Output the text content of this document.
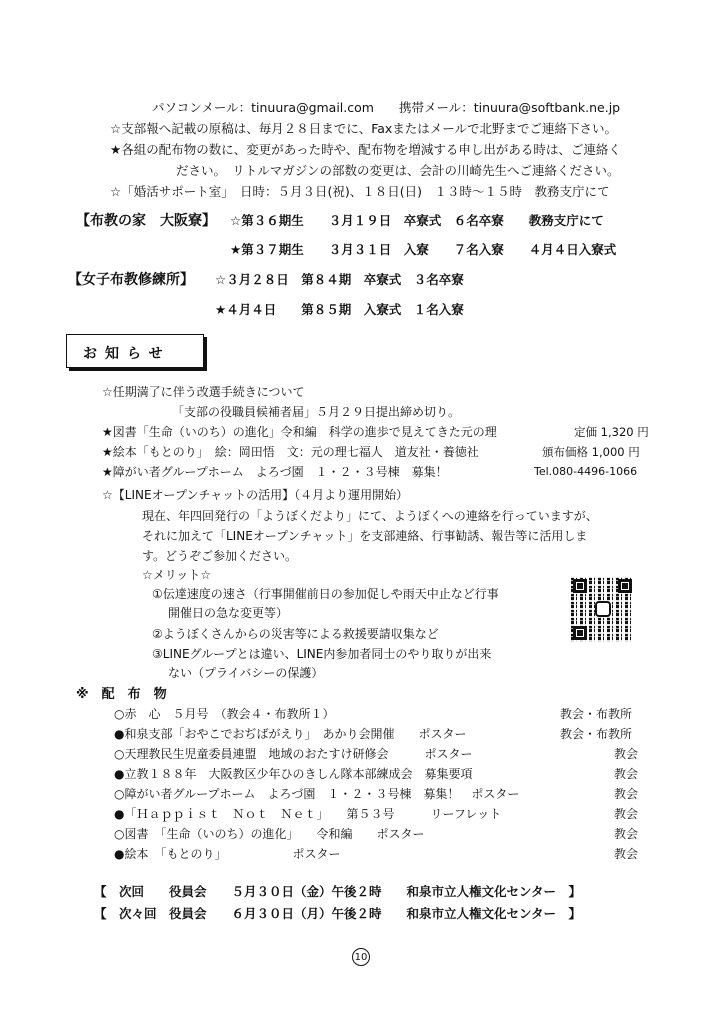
パソコンメール：tinuura@gmail.com　　携帯メール：tinuura@softbank.ne.jp
☆支部報へ記載の原稿は、毎月２８日までに、Faxまたはメールで北野までご連絡下さい。
★各組の配布物の数に、変更があった時や、配布物を増減する申し出がある時は、ご連絡く
ださい。　リトルマガジンの部数の変更は、会計の川崎先生へご連絡ください。
☆「婚活サポート室」　日時：５月３日(祝)、１８日(日)　１３時～１５時　教務支庁にて
【布教の家　大阪寮】 ☆第３６期生　　３月１９日　卒寮式　６名卒寮　　教務支庁にて
★第３７期生　　３月３１日　入寮　　７名入寮　　４月４日入寮式
【女子布教修練所】 ☆３月２８日　第８４期　卒寮式　３名卒寮
★４月４日　　第８５期　入寮式　１名入寮
お知らせ
☆任期満了に伴う改選手続きについて
「支部の役職員候補者届」５月２９日提出締め切り。
★図書「生命（いのち）の進化」令和編　科学の進歩で見えてきた元の理	定価 1,320 円
★絵本「もとのり」　絵：岡田悟　文：元の理七福人　道友社・養徳社	頒布価格 1,000 円
★障がい者グループホーム　よろづ園　１・２・３号棟　募集！	Tel.080-4496-1066
☆【LINEオープンチャットの活用】（４月より運用開始）
現在、年四回発行の「ようぼくだより」にて、ようぼくへの連絡を行っていますが、
それに加えて「LINEオープンチャット」を支部連絡、行事勧誘、報告等に活用しま
す。どうぞご参加ください。
☆メリット☆
①伝達速度の速さ（行事開催前日の参加促しや雨天中止など行事
開催日の急な変更等）
②ようぼくさんからの災害等による救援要請収集など
③LINEグループとは違い、LINE内参加者同士のやり取りが出来
ない（プライバシーの保護）
※　配　布　物
○赤　心　５月号　（教会４・布教所１）	教会・布教所
●和泉支部「おやこでおぢばがえり」　あかり会開催　　ポスター	教会・布教所
○天理教民生児童委員連盟　地域のおたすけ研修会　　　ポスター	教会
●立教１８８年　大阪教区少年ひのきしん隊本部練成会　募集要項	教会
○障がい者グループホーム　よろづ園　１・２・３号棟　募集！　ポスター	教会
●「Ｈａｐｐｉｓｔ　Ｎｏｔ　Ｎｅｔ」　　第５３号　　　リーフレット	教会
○図書　「生命（いのち）の進化」　　令和編　　ポスター	教会
●絵本　「もとのり」　　　　　　ポスター	教会
【　次回　　役員会　　５月３０日（金）午後２時　　和泉市立人権文化センター　】
【　次々回　役員会　　６月３０日（月）午後２時　　和泉市立人権文化センター　】
10
